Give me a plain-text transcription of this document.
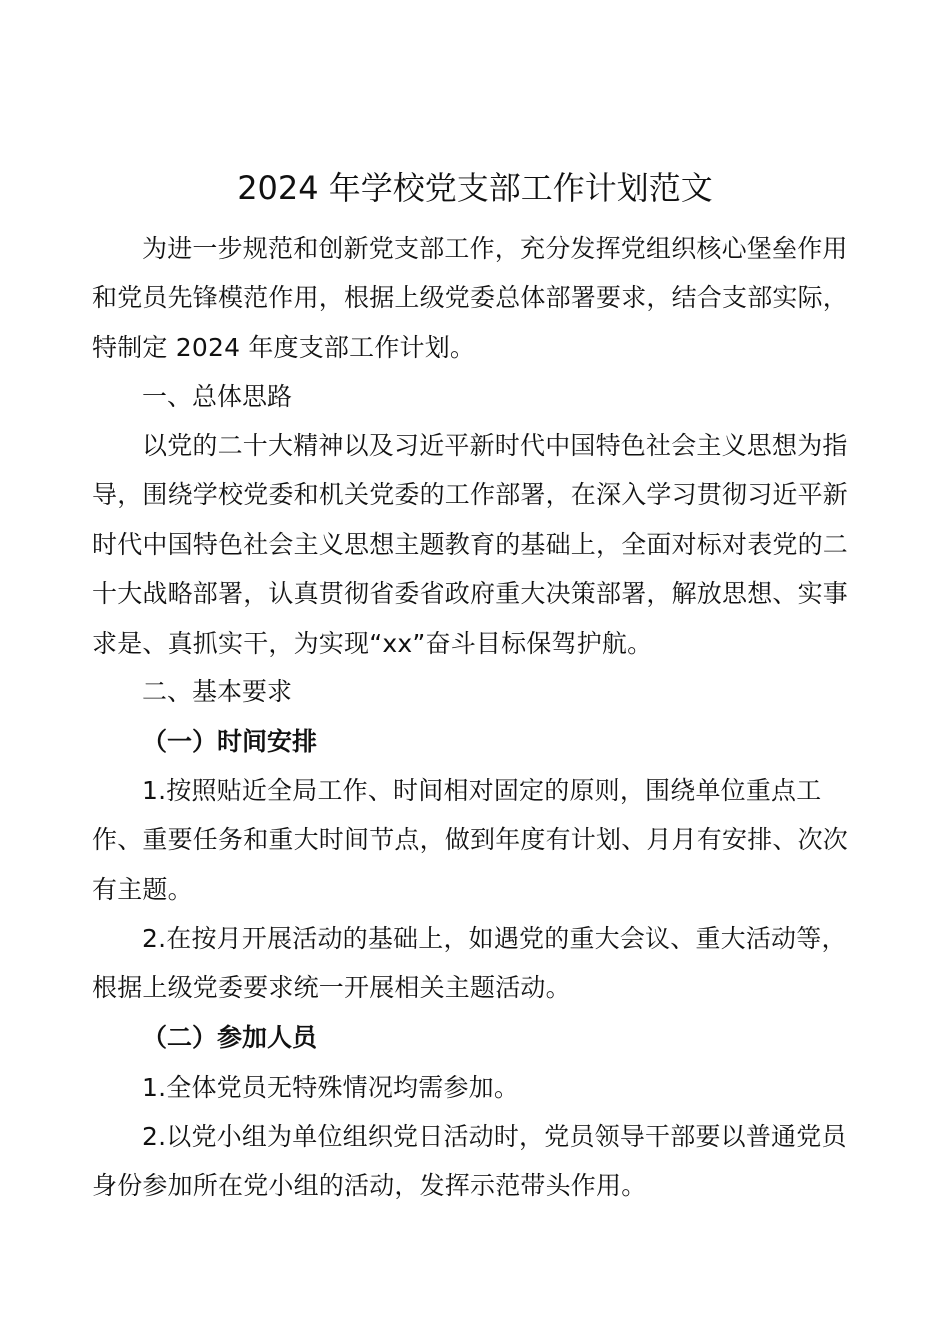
2024 年学校党支部工作计划范文

为进一步规范和创新党支部工作，充分发挥党组织核心堡垒作用和党员先锋模范作用，根据上级党委总体部署要求，结合支部实际，特制定 2024 年度支部工作计划。

一、总体思路

以党的二十大精神以及习近平新时代中国特色社会主义思想为指导，围绕学校党委和机关党委的工作部署，在深入学习贯彻习近平新时代中国特色社会主义思想主题教育的基础上，全面对标对表党的二十大战略部署，认真贯彻省委省政府重大决策部署，解放思想、实事求是、真抓实干，为实现“xx”奋斗目标保驾护航。

二、基本要求
（一）时间安排

1.按照贴近全局工作、时间相对固定的原则，围绕单位重点工作、重要任务和重大时间节点，做到年度有计划、月月有安排、次次有主题。

2.在按月开展活动的基础上，如遇党的重大会议、重大活动等，根据上级党委要求统一开展相关主题活动。

（二）参加人员

1.全体党员无特殊情况均需参加。

2.以党小组为单位组织党日活动时，党员领导干部要以普通党员身份参加所在党小组的活动，发挥示范带头作用。
